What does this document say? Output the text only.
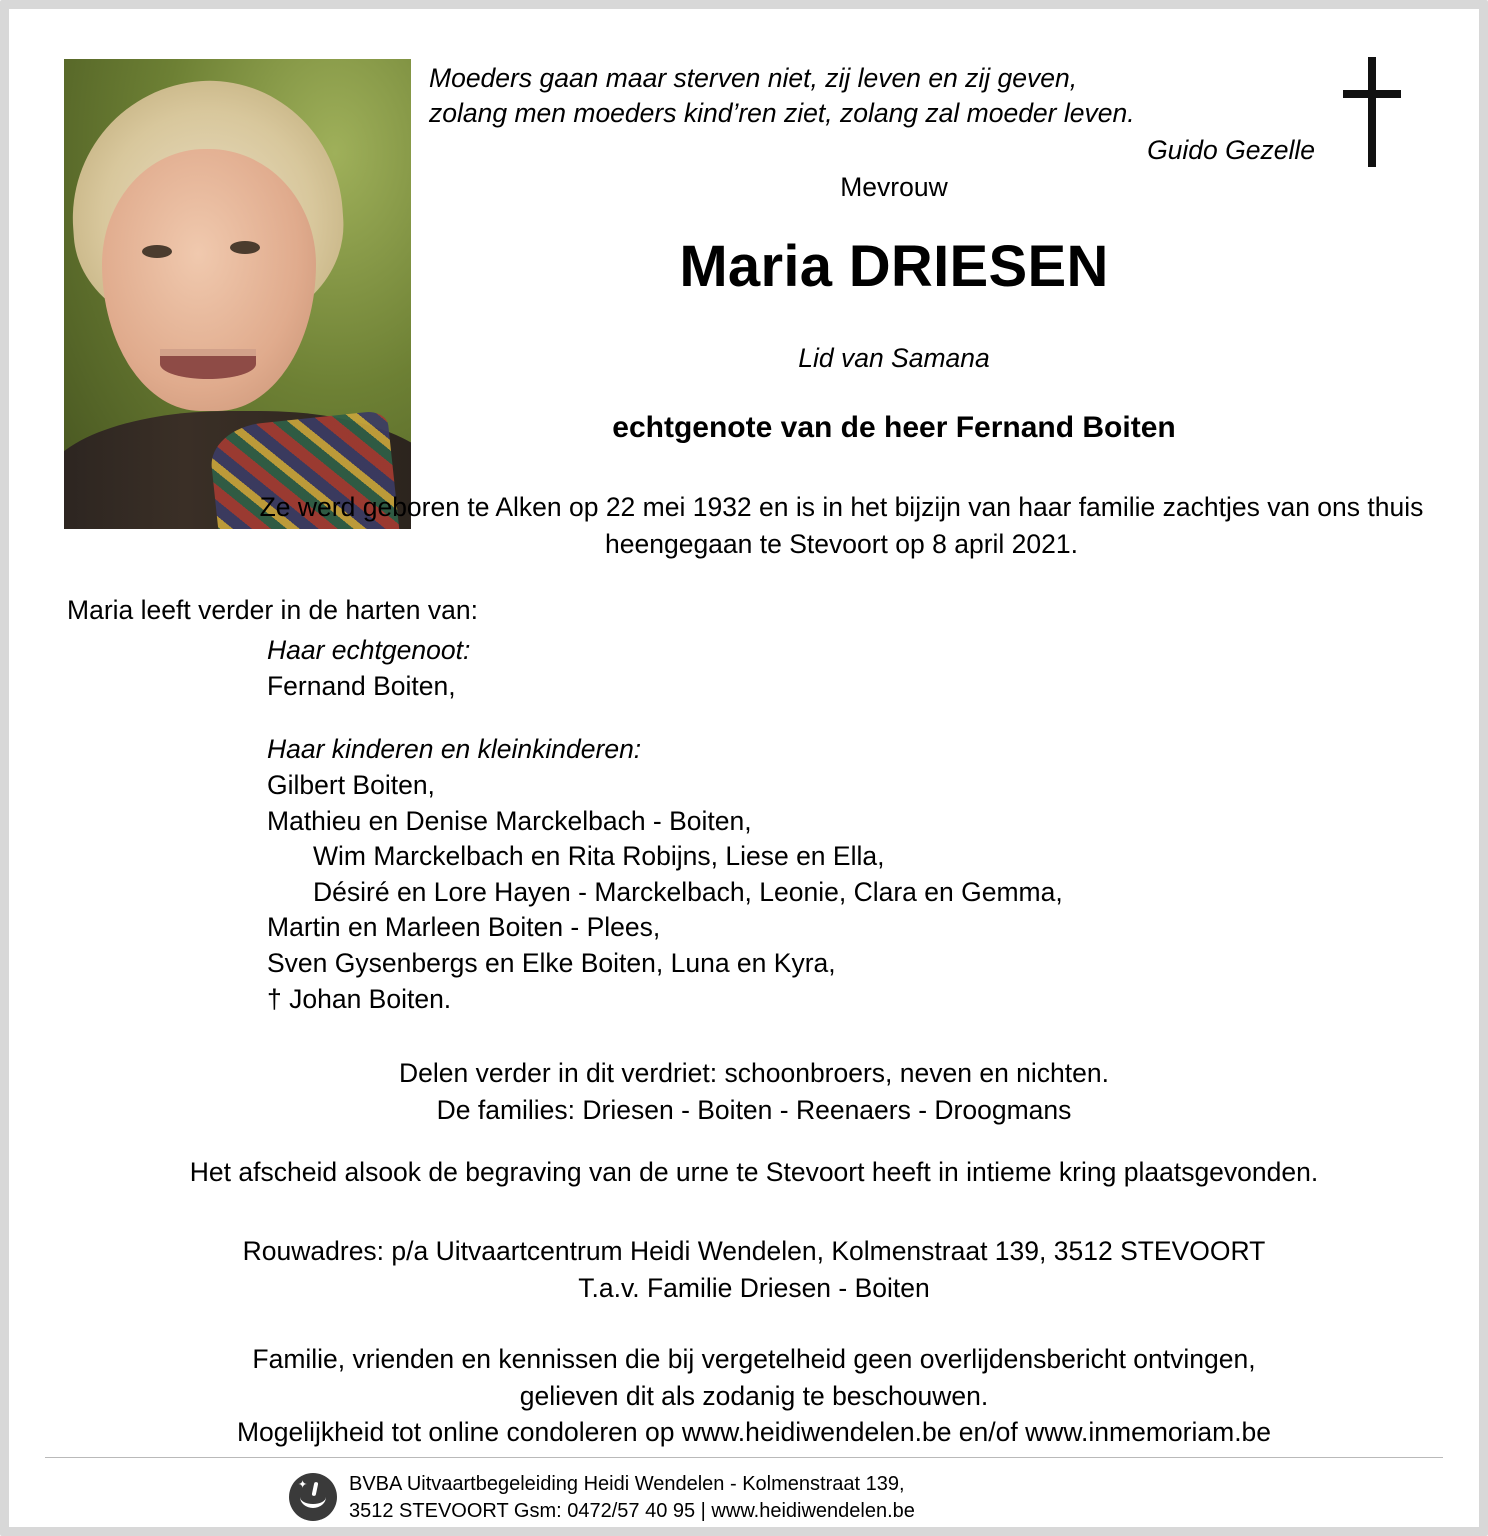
Moeders gaan maar sterven niet, zij leven en zij geven,
zolang men moeders kind’ren ziet, zolang zal moeder leven.
Guido Gezelle
Mevrouw
Maria DRIESEN
Lid van Samana
echtgenote van de heer Fernand Boiten
Ze werd geboren te Alken op 22 mei 1932 en is in het bijzijn van haar familie zachtjes van ons thuis heengegaan te Stevoort op 8 april 2021.
Maria leeft verder in de harten van:
Haar echtgenoot:
Fernand Boiten,
Haar kinderen en kleinkinderen:
Gilbert Boiten,
Mathieu en Denise Marckelbach - Boiten,
Wim Marckelbach en Rita Robijns, Liese en Ella,
Désiré en Lore Hayen - Marckelbach, Leonie, Clara en Gemma,
Martin en Marleen Boiten - Plees,
Sven Gysenbergs en Elke Boiten, Luna en Kyra,
† Johan Boiten.
Delen verder in dit verdriet: schoonbroers, neven en nichten.
De families: Driesen - Boiten - Reenaers - Droogmans
Het afscheid alsook de begraving van de urne te Stevoort heeft in intieme kring plaatsgevonden.
Rouwadres: p/a Uitvaartcentrum Heidi Wendelen, Kolmenstraat 139, 3512 STEVOORT
T.a.v. Familie Driesen - Boiten
Familie, vrienden en kennissen die bij vergetelheid geen overlijdensbericht ontvingen,
gelieven dit als zodanig te beschouwen.
Mogelijkheid tot online condoleren op www.heidiwendelen.be en/of www.inmemoriam.be
✦ BVBA Uitvaartbegeleiding Heidi Wendelen - Kolmenstraat 139,
3512 STEVOORT Gsm: 0472/57 40 95 | www.heidiwendelen.be
